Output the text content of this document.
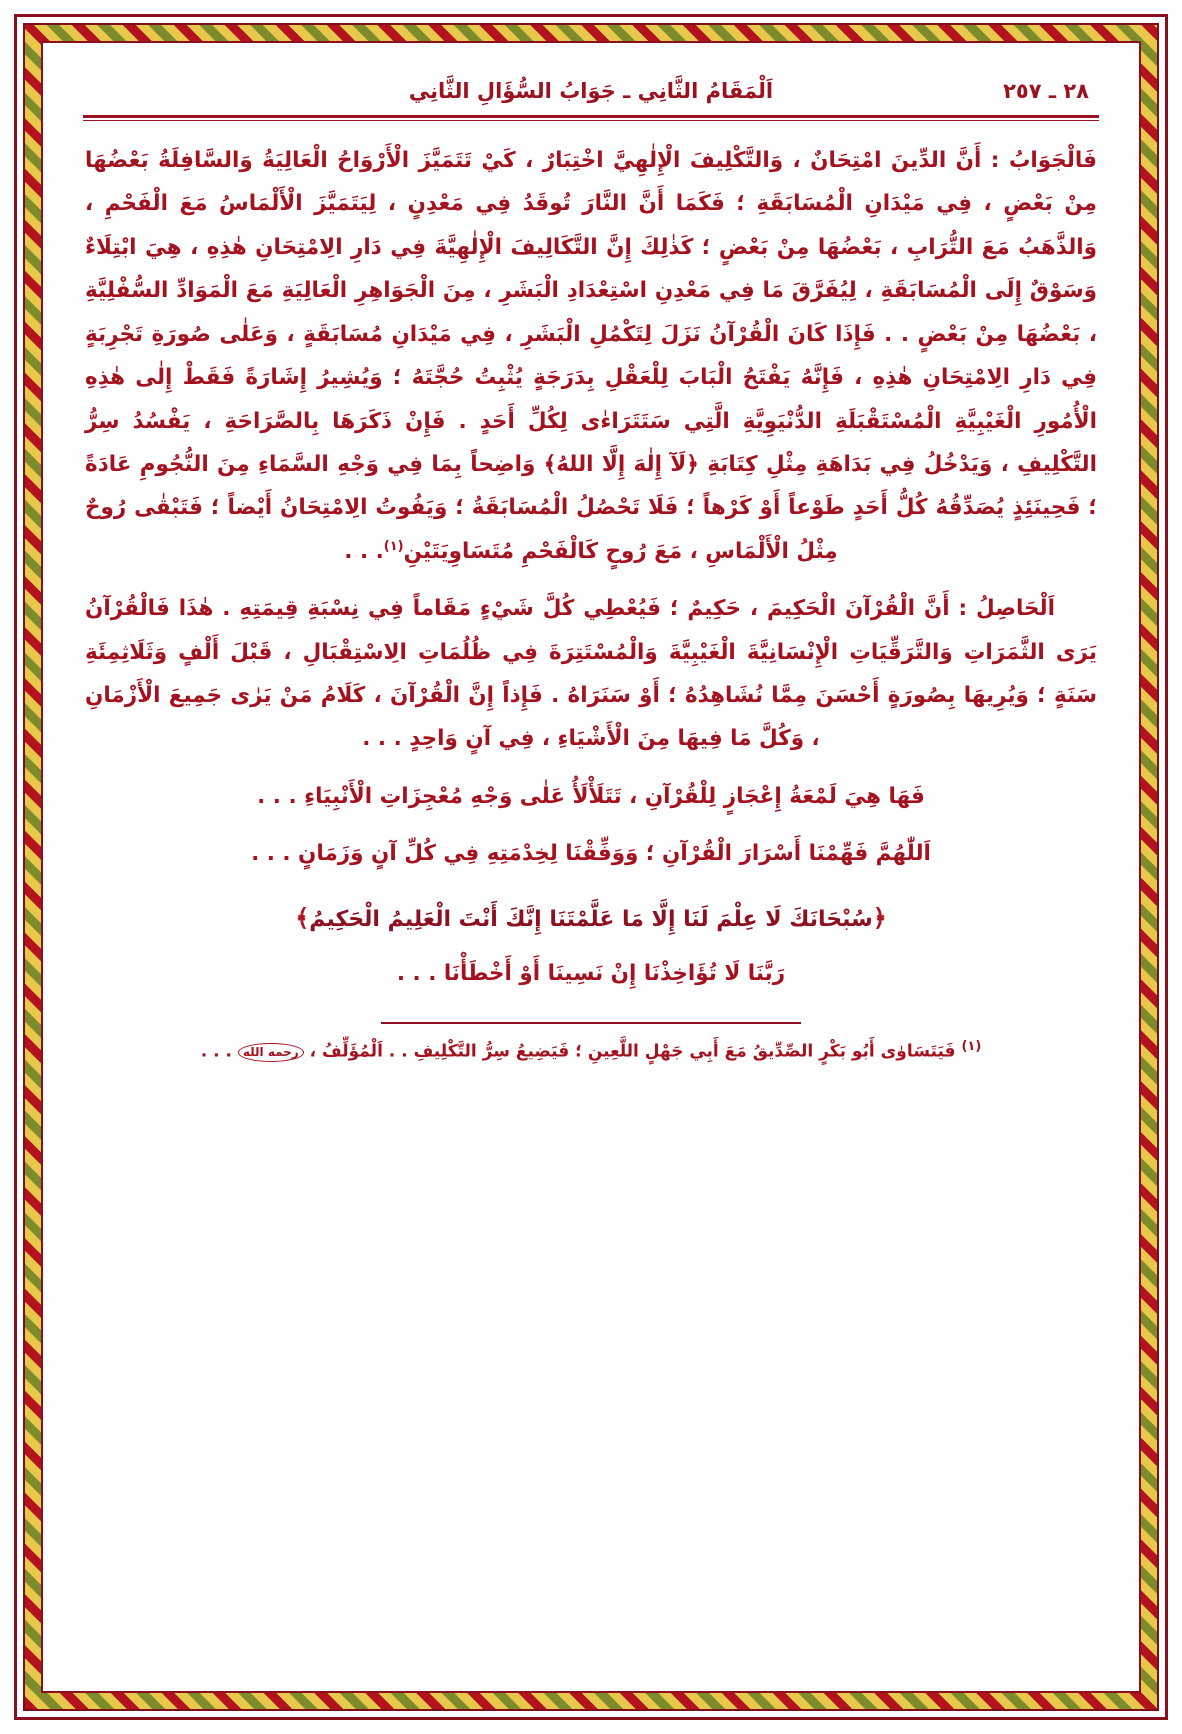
٢٨ ـ ٢٥٧
اَلْمَقَامُ الثَّانِي ـ جَوَابُ السُّؤَالِ الثَّانِي

فَالْجَوَابُ : أَنَّ الدِّينَ امْتِحَانٌ ، وَالتَّكْلِيفَ الْإِلٰهِيَّ اخْتِبَارٌ ، كَيْ تَتَمَيَّزَ الْأَرْوَاحُ الْعَالِيَةُ وَالسَّافِلَةُ بَعْضُهَا مِنْ بَعْضٍ ، فِي مَيْدَانِ الْمُسَابَقَةِ ؛ فَكَمَا أَنَّ النَّارَ تُوقَدُ فِي مَعْدِنٍ ، لِيَتَمَيَّزَ الْأَلْمَاسُ مَعَ الْفَحْمِ ، وَالذَّهَبُ مَعَ التُّرَابِ ، بَعْضُهَا مِنْ بَعْضٍ ؛ كَذٰلِكَ إِنَّ التَّكَالِيفَ الْإِلٰهِيَّةَ فِي دَارِ الِامْتِحَانِ هٰذِهِ ، هِيَ ابْتِلَاءٌ وَسَوْقٌ إِلَى الْمُسَابَقَةِ ، لِيُفَرَّقَ مَا فِي مَعْدِنِ اسْتِعْدَادِ الْبَشَرِ ، مِنَ الْجَوَاهِرِ الْعَالِيَةِ مَعَ الْمَوَادِّ السُّفْلِيَّةِ ، بَعْضُهَا مِنْ بَعْضٍ . . فَإِذَا كَانَ الْقُرْآنُ نَزَلَ لِتَكْمُلِ الْبَشَرِ ، فِي مَيْدَانِ مُسَابَقَةٍ ، وَعَلٰى صُورَةِ تَجْرِبَةٍ فِي دَارِ الِامْتِحَانِ هٰذِهِ ، فَإِنَّهُ يَفْتَحُ الْبَابَ لِلْعَقْلِ بِدَرَجَةٍ يُثْبِتُ حُجَّتَهُ ؛ وَيُشِيرُ إِشَارَةً فَقَطْ إِلٰى هٰذِهِ الْأُمُورِ الْغَيْبِيَّةِ الْمُسْتَقْبَلَةِ الدُّنْيَوِيَّةِ الَّتِي سَتَتَرَاءٰى لِكُلِّ أَحَدٍ . فَإِنْ ذَكَرَهَا بِالصَّرَاحَةِ ، يَفْسُدُ سِرُّ التَّكْلِيفِ ، وَيَدْخُلُ فِي بَدَاهَةِ مِثْلِ كِتَابَةِ ﴿لَآ إِلٰهَ إِلَّا اللهُ﴾ وَاضِحاً بِمَا فِي وَجْهِ السَّمَاءِ مِنَ النُّجُومِ عَادَةً ؛ فَحِينَئِذٍ يُصَدِّقُهُ كُلُّ أَحَدٍ طَوْعاً أَوْ كَرْهاً ؛ فَلَا تَحْصُلُ الْمُسَابَقَةُ ؛ وَيَفُوتُ الِامْتِحَانُ أَيْضاً ؛ فَتَبْقٰى رُوحٌ مِثْلُ الْأَلْمَاسِ ، مَعَ رُوحٍ كَالْفَحْمِ مُتَسَاوِيَتَيْنِ$^{(١)}$. . .

اَلْحَاصِلُ : أَنَّ الْقُرْآنَ الْحَكِيمَ ، حَكِيمٌ ؛ فَيُعْطِي كُلَّ شَيْءٍ مَقَاماً فِي نِسْبَةِ قِيمَتِهِ . هٰذَا فَالْقُرْآنُ يَرَى الثَّمَرَاتِ وَالتَّرَقِّيَاتِ الْإِنْسَانِيَّةَ الْغَيْبِيَّةَ وَالْمُسْتَتِرَةَ فِي ظُلُمَاتِ الِاسْتِقْبَالِ ، قَبْلَ أَلْفٍ وَثَلَاثِمِئَةِ سَنَةٍ ؛ وَيُرِيهَا بِصُورَةٍ أَحْسَنَ مِمَّا نُشَاهِدُهُ ؛ أَوْ سَنَرَاهُ . فَإِذاً إِنَّ الْقُرْآنَ ، كَلَامُ مَنْ يَرٰى جَمِيعَ الْأَزْمَانِ ، وَكُلَّ مَا فِيهَا مِنَ الْأَشْيَاءِ ، فِي آنٍ وَاحِدٍ . . .

فَهَا هِيَ لَمْعَةُ إِعْجَازٍ لِلْقُرْآنِ ، تَتَلَأْلَأُ عَلٰى وَجْهِ مُعْجِزَاتِ الْأَنْبِيَاءِ . . .

اَللّٰهُمَّ فَهِّمْنَا أَسْرَارَ الْقُرْآنِ ؛ وَوَفِّقْنَا لِخِدْمَتِهِ فِي كُلِّ آنٍ وَزَمَانٍ . . .

﴿سُبْحَانَكَ لَا عِلْمَ لَنَا إِلَّا مَا عَلَّمْتَنَا إِنَّكَ أَنْتَ الْعَلِيمُ الْحَكِيمُ﴾

رَبَّنَا لَا تُؤَاخِذْنَا إِنْ نَسِينَا أَوْ أَخْطَأْنَا . . .

$^{(١)}$ فَيَتَسَاوٰى أَبُو بَكْرٍ الصِّدِّيقُ مَعَ أَبِي جَهْلٍ اللَّعِينِ ؛ فَيَضِيعُ سِرُّ التَّكْلِيفِ . . اَلْمُؤَلِّفُ ، رحمه الله . . .
